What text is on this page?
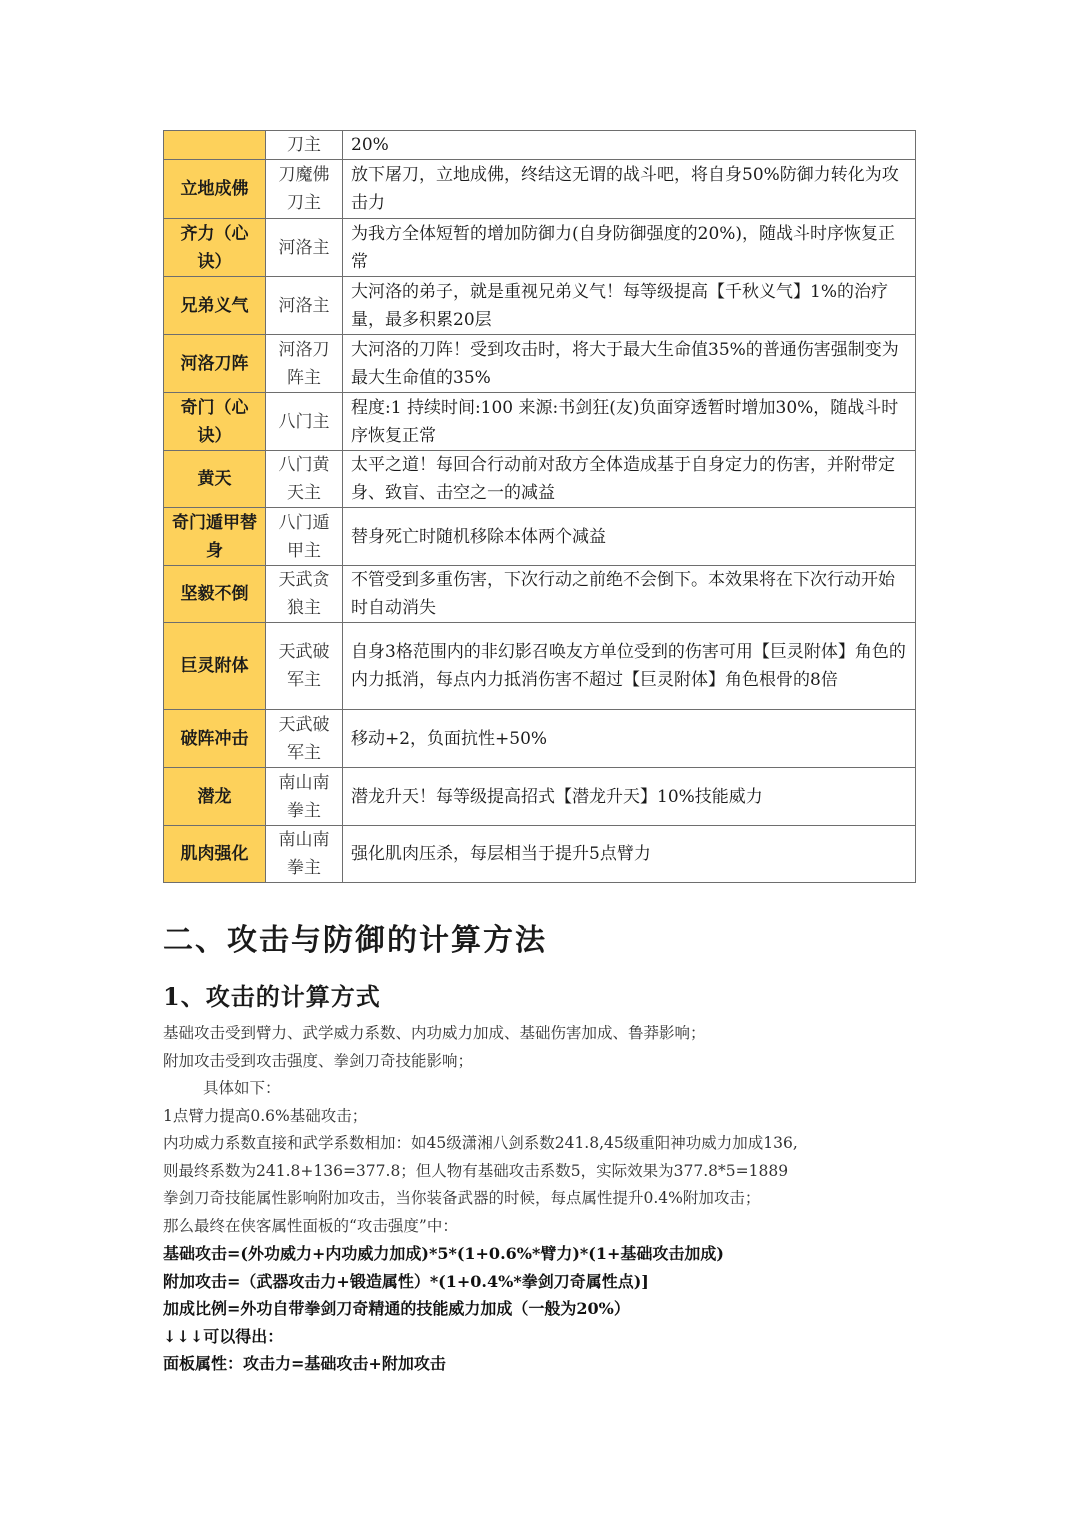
	刀主	20%
立地成佛	刀魔佛刀主	放下屠刀，立地成佛，终结这无谓的战斗吧，将自身50%防御力转化为攻击力
齐力（心诀）	河洛主	为我方全体短暂的增加防御力(自身防御强度的20%)，随战斗时序恢复正常
兄弟义气	河洛主	大河洛的弟子，就是重视兄弟义气！每等级提高【千秋义气】1%的治疗量，最多积累20层
河洛刀阵	河洛刀阵主	大河洛的刀阵！受到攻击时，将大于最大生命值35%的普通伤害强制变为最大生命值的35%
奇门（心诀）	八门主	程度:1 持续时间:100 来源:书剑狂(友)负面穿透暂时增加30%，随战斗时序恢复正常
黄天	八门黄天主	太平之道！每回合行动前对敌方全体造成基于自身定力的伤害，并附带定身、致盲、击空之一的减益
奇门遁甲替身	八门遁甲主	替身死亡时随机移除本体两个减益
坚毅不倒	天武贪狼主	不管受到多重伤害，下次行动之前绝不会倒下。本效果将在下次行动开始时自动消失
巨灵附体	天武破军主	自身3格范围内的非幻影召唤友方单位受到的伤害可用【巨灵附体】角色的内力抵消，每点内力抵消伤害不超过【巨灵附体】角色根骨的8倍
破阵冲击	天武破军主	移动+2，负面抗性+50%
潜龙	南山南拳主	潜龙升天！每等级提高招式【潜龙升天】10%技能威力
肌肉强化	南山南拳主	强化肌肉压杀，每层相当于提升5点臂力
二、攻击与防御的计算方法
1、攻击的计算方式

基础攻击受到臂力、武学威力系数、内功威力加成、基础伤害加成、鲁莽影响；

附加攻击受到攻击强度、拳剑刀奇技能影响；

具体如下：

1点臂力提高0.6%基础攻击；

内功威力系数直接和武学系数相加：如45级潇湘八剑系数241.8,45级重阳神功威力加成136,

则最终系数为241.8+136=377.8；但人物有基础攻击系数5，实际效果为377.8*5=1889

拳剑刀奇技能属性影响附加攻击，当你装备武器的时候，每点属性提升0.4%附加攻击；

那么最终在侠客属性面板的“攻击强度”中：

基础攻击=(外功威力+内功威力加成)*5*(1+0.6%*臂力)*(1+基础攻击加成)

附加攻击=（武器攻击力+锻造属性）*(1+0.4%*拳剑刀奇属性点)]

加成比例=外功自带拳剑刀奇精通的技能威力加成（一般为20%）

↓↓↓可以得出：

面板属性：攻击力=基础攻击+附加攻击
